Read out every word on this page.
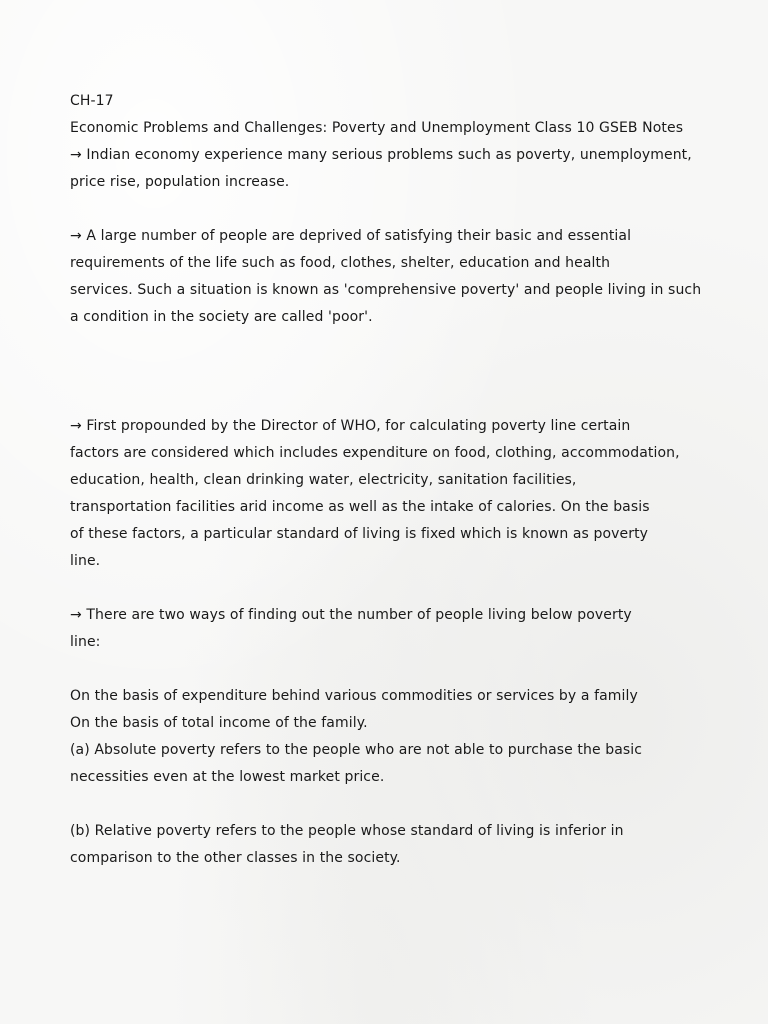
CH-17
Economic Problems and Challenges: Poverty and Unemployment Class 10 GSEB Notes
→ Indian economy experience many serious problems such as poverty, unemployment,
price rise, population increase.
→ A large number of people are deprived of satisfying their basic and essential
requirements of the life such as food, clothes, shelter, education and health
services. Such a situation is known as 'comprehensive poverty' and people living in such
a condition in the society are called 'poor'.
→ First propounded by the Director of WHO, for calculating poverty line certain
factors are considered which includes expenditure on food, clothing, accommodation,
education, health, clean drinking water, electricity, sanitation facilities,
transportation facilities arid income as well as the intake of calories. On the basis
of these factors, a particular standard of living is fixed which is known as poverty
line.
→ There are two ways of finding out the number of people living below poverty
line:
On the basis of expenditure behind various commodities or services by a family
On the basis of total income of the family.
(a) Absolute poverty refers to the people who are not able to purchase the basic
necessities even at the lowest market price.
(b) Relative poverty refers to the people whose standard of living is inferior in
comparison to the other classes in the society.
